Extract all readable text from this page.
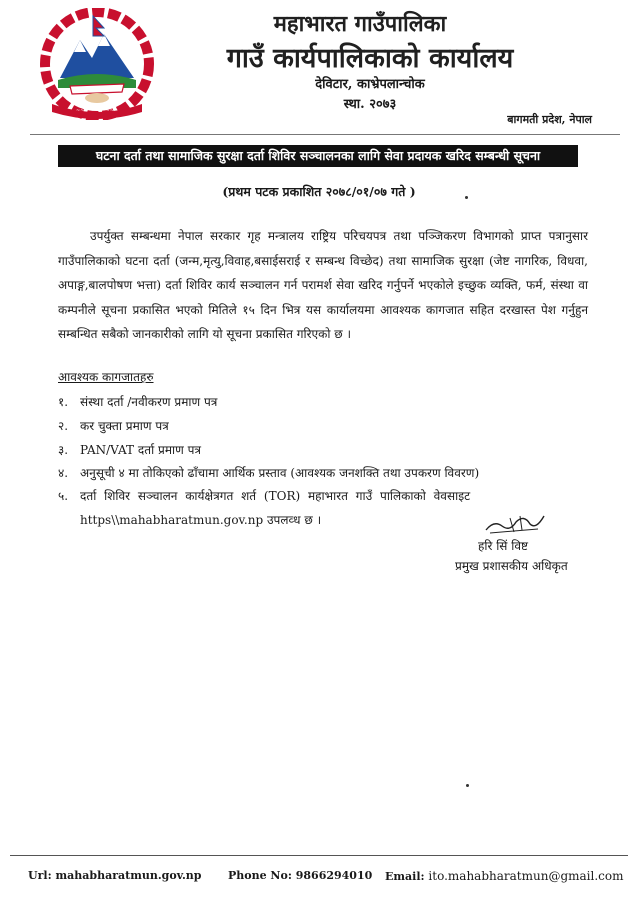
~~~~~~~~~~
महाभारत गाउँपालिका
गाउँ कार्यपालिकाको कार्यालय
देविटार, काभ्रेपलान्चोक
स्था. २०७३
बागमती प्रदेश, नेपाल
घटना दर्ता तथा सामाजिक सुरक्षा दर्ता शिविर सञ्चालनका लागि सेवा प्रदायक खरिद सम्बन्धी सूचना
(प्रथम पटक प्रकाशित २०७८/०१/०७ गते )
उपर्युक्त सम्बन्धमा नेपाल सरकार गृह मन्त्रालय राष्ट्रिय परिचयपत्र तथा पञ्जिकरण विभागको प्राप्त पत्रानुसार गाउँपालिकाको घटना दर्ता (जन्म,मृत्यु,विवाह,बसाईसराई र सम्बन्ध विच्छेद) तथा सामाजिक सुरक्षा (जेष्ट नागरिक, विधवा, अपाङ्ग,बालपोषण भत्ता) दर्ता शिविर कार्य सञ्चालन गर्न परामर्श सेवा खरिद गर्नुपर्ने भएकोले इच्छुक व्यक्ति, फर्म, संस्था वा कम्पनीले सूचना प्रकासित भएको मितिले १५ दिन भित्र यस कार्यालयमा आवश्यक कागजात सहित दरखास्त पेश गर्नुहुन सम्बन्धित सबैको जानकारीको लागि यो सूचना प्रकासित गरिएको छ ।
आवश्यक कागजातहरु
१. संस्था दर्ता /नवीकरण प्रमाण पत्र
२. कर चुक्ता प्रमाण पत्र
३. PAN/VAT दर्ता प्रमाण पत्र
४. अनुसूची ४ मा तोकिएको ढाँचामा आर्थिक प्रस्ताव (आवश्यक जनशक्ति तथा उपकरण विवरण)
५. दर्ता शिविर सञ्चालन कार्यक्षेत्रगत शर्त (TOR) महाभारत गाउँ पालिकाको वेवसाइट
https\\mahabharatmun.gov.np उपलव्ध छ ।
हरि सिं विष्ट
प्रमुख प्रशासकीय अधिकृत
Url: mahabharatmun.gov.np Phone No: 9866294010 Email: ito.mahabharatmun@gmail.com
